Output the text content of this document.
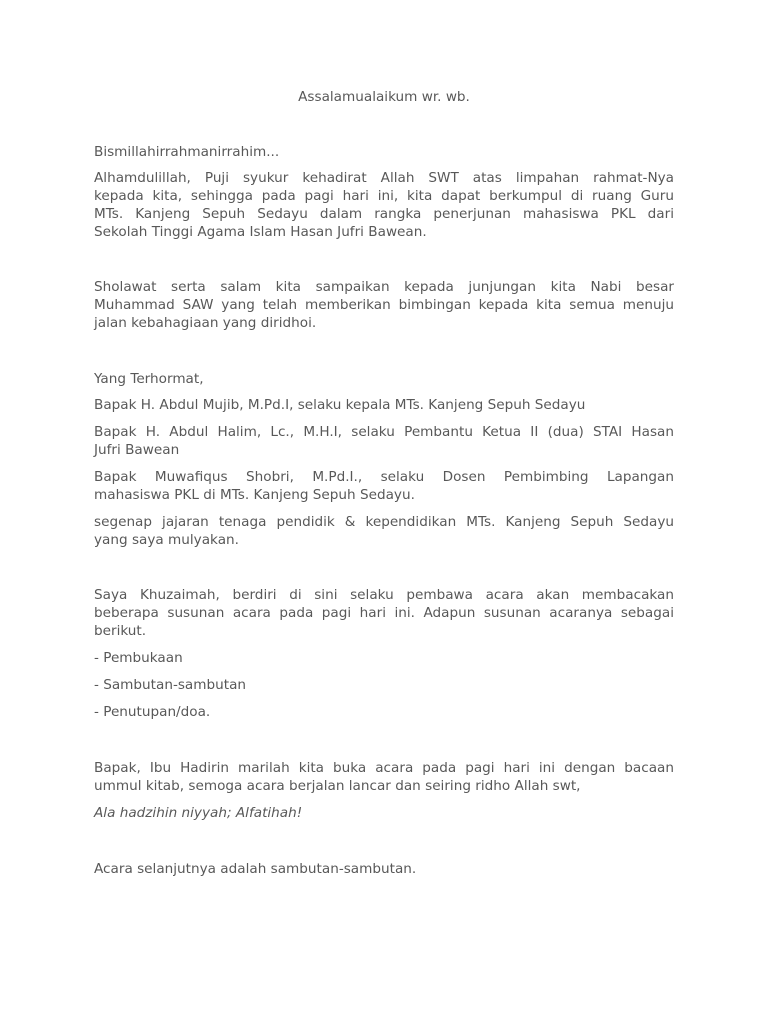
Assalamualaikum wr. wb.
Bismillahirrahmanirrahim...
Alhamdulillah, Puji syukur kehadirat Allah SWT atas limpahan rahmat-Nya
kepada kita, sehingga pada pagi hari ini, kita dapat berkumpul di ruang Guru
MTs. Kanjeng Sepuh Sedayu dalam rangka penerjunan mahasiswa PKL dari
Sekolah Tinggi Agama Islam Hasan Jufri Bawean.
Sholawat serta salam kita sampaikan kepada junjungan kita Nabi besar
Muhammad SAW yang telah memberikan bimbingan kepada kita semua menuju
jalan kebahagiaan yang diridhoi.
Yang Terhormat,
Bapak H. Abdul Mujib, M.Pd.I, selaku kepala MTs. Kanjeng Sepuh Sedayu
Bapak H. Abdul Halim, Lc., M.H.I, selaku Pembantu Ketua II (dua) STAI Hasan
Jufri Bawean
Bapak Muwafiqus Shobri, M.Pd.I., selaku Dosen Pembimbing Lapangan
mahasiswa PKL di MTs. Kanjeng Sepuh Sedayu.
segenap jajaran tenaga pendidik & kependidikan MTs. Kanjeng Sepuh Sedayu
yang saya mulyakan.
Saya Khuzaimah, berdiri di sini selaku pembawa acara akan membacakan
beberapa susunan acara pada pagi hari ini. Adapun susunan acaranya sebagai
berikut.
- Pembukaan
- Sambutan-sambutan
- Penutupan/doa.
Bapak, Ibu Hadirin marilah kita buka acara pada pagi hari ini dengan bacaan
ummul kitab, semoga acara berjalan lancar dan seiring ridho Allah swt,
Ala hadzihin niyyah; Alfatihah!
Acara selanjutnya adalah sambutan-sambutan.
